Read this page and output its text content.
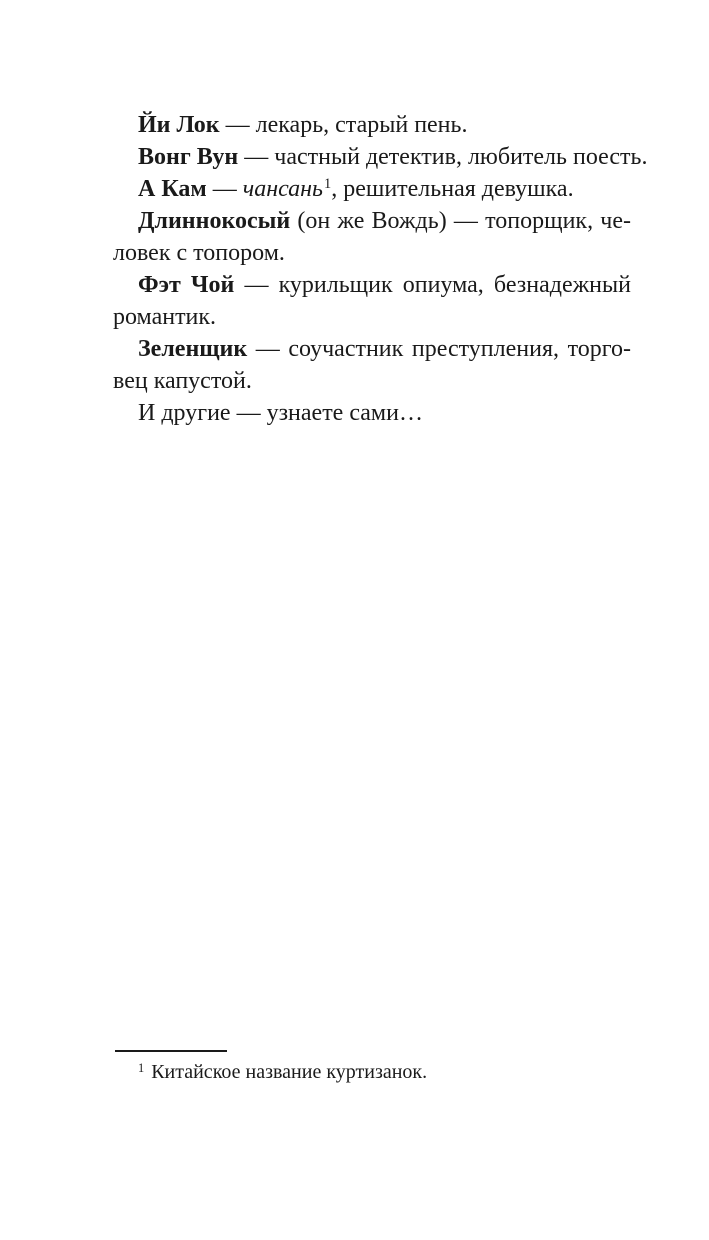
Йи Лок — лекарь, старый пень.
Вонг Вун — частный детектив, любитель поесть.
А Кам — чансань$^1$, решительная девушка.
Длиннокосый (он же Вождь) — топорщик, че-
ловек с топором.
Фэт Чой — курильщик опиума, безнадежный
романтик.
Зеленщик — соучастник преступления, торго-
вец капустой.
И другие — узнаете сами…
$^1$ Китайское название куртизанок.
